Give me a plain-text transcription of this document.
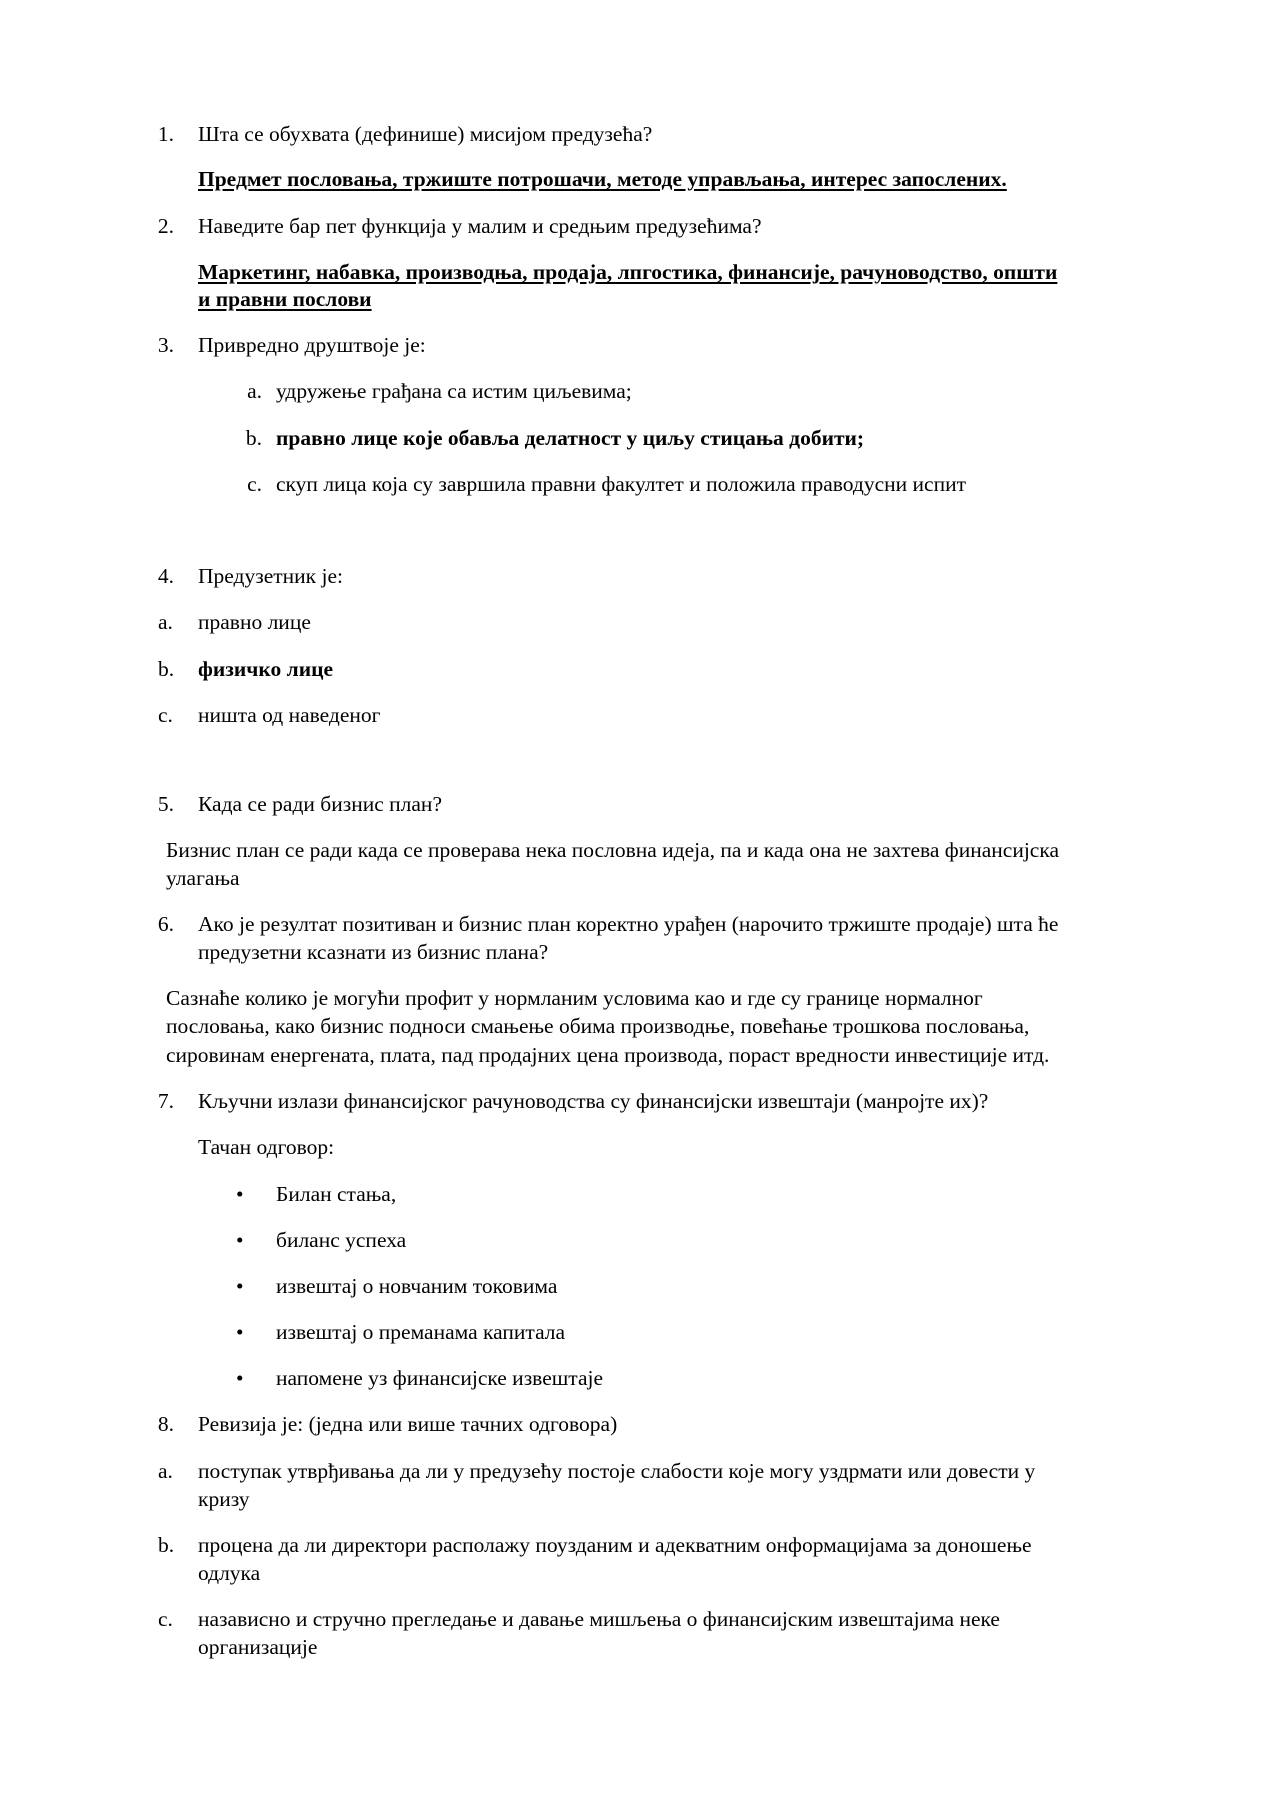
1. Шта се обухвата (дефинише) мисијом предузећа?
Предмет пословања, тржиште потрошачи, методе управљања, интерес запослених.
2. Наведите бар пет функција у малим и средњим предузећима?
Маркетинг, набавка, производња, продаја, лпгостика, финансије, рачуноводство, општи
и правни послови
3. Привредно друштвоје је:
a. удружење грађана са истим циљевима;
b. правно лице које обавља делатност у циљу стицања добити;
c. скуп лица која су завршила правни факултет и положила праводусни испит
4. Предузетник је:
a. правно лице
b. физичко лице
c. ништа од наведеног
5. Када се ради бизнис план?
Бизнис план се ради када се проверава нека пословна идеја, па и када она не захтева финансијска
улагања
6. Ако је резултат позитиван и бизнис план коректно урађен (нарочито тржиште продаје) шта ће
предузетни ксазнати из бизнис плана?
Сазнаће колико је могући профит у нормланим условима као и где су границе нормалног
пословања, како бизнис подноси смањење обима производње, повећање трошкова пословања,
сировинам енергената, плата, пад продајних цена производа, пораст вредности инвестиције итд.
7. Кључни излази финансијског рачуноводства су финансијски извештаји (манројте их)?
Тачан одговор:
•	Билан стања,
•	биланс успеха
•	извештај о новчаним токовима
•	извештај о преманама капитала
•	напомене уз финансијске извештаје
8. Ревизија је: (једна или више тачних одговора)
a. поступак утврђивања да ли у предузећу постоје слабости које могу уздрмати или довести у
кризу
b. процена да ли директори располажу поузданим и адекватним онформацијама за доношење
одлука
c. назависно и стручно прегледање и давање мишљења о финансијским извештајима неке
организације
